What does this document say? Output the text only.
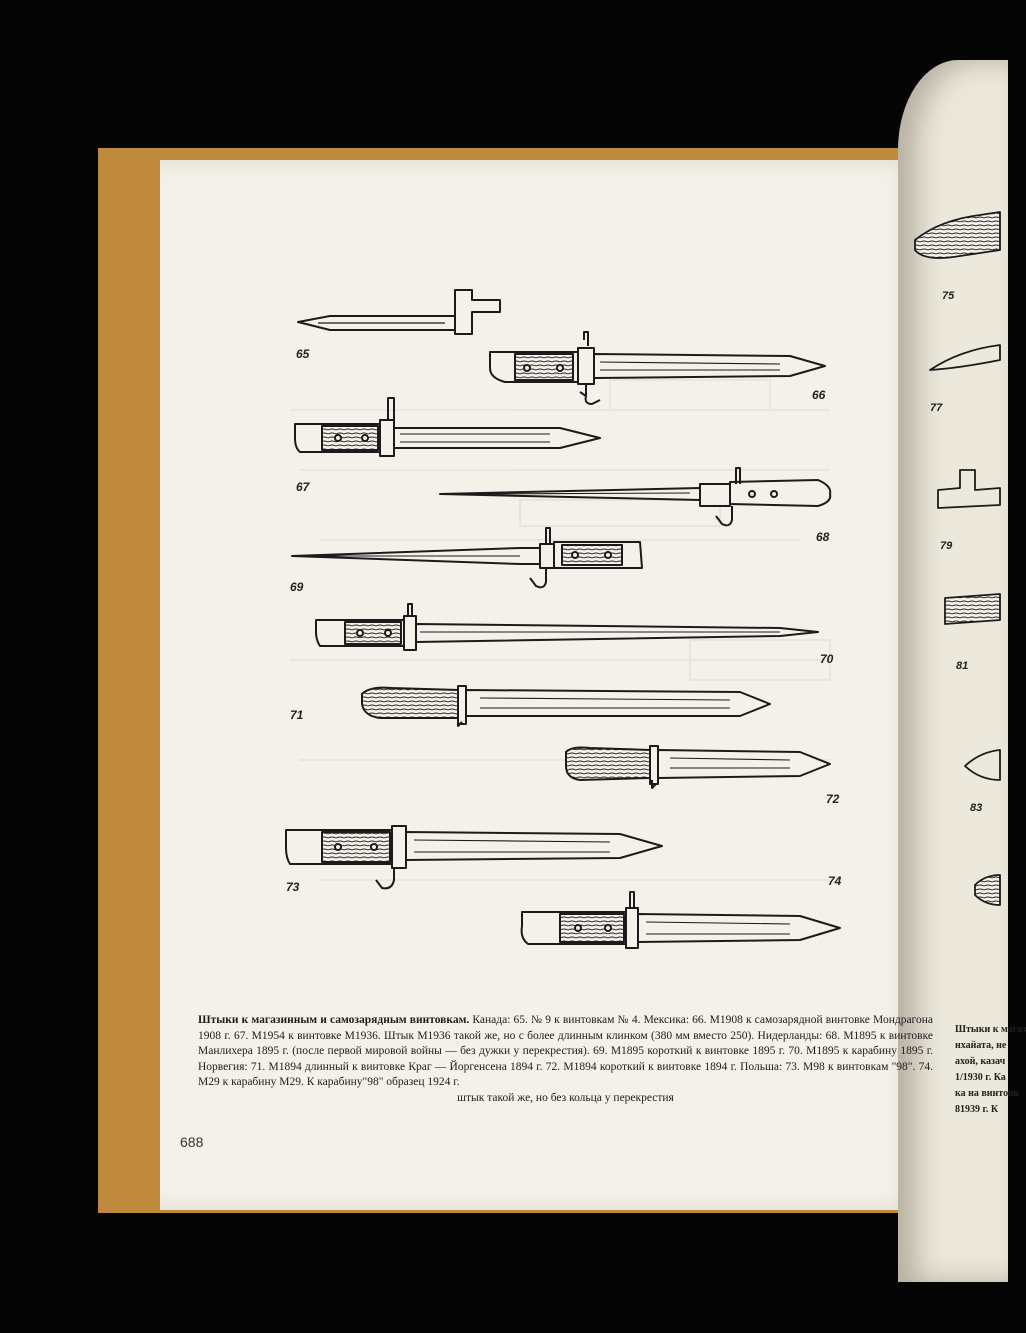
65
66
67
68
69
70
71
72
73	74
Штыки к магазинным и самозарядным винтовкам. Канада: 65. № 9 к винтовкам № 4. Мексика: 66. М1908 к самозарядной винтовке Мондрагона 1908 г. 67. М1954 к винтовке М1936. Штык М1936 такой же, но с более длинным клинком (380 мм вместо 250). Нидерланды: 68. М1895 к винтовке Манлихера 1895 г. (после первой мировой войны — без дужки у перекрестия). 69. М1895 короткий к винтовке 1895 г. 70. М1895 к карабину 1895 г. Норвегия: 71. М1894 длинный к винтовке Краг — Йоргенсена 1894 г. 72. М1894 короткий к винтовке 1894 г. Польша: 73. М98 к винтовкам "98". 74. М29 к карабину М29. К карабину"98" образец 1924 г.
штык такой же, но без кольца у перекрестия
688
75
77
79
81
83
Штыки к магаз
нхайата, не
ахой, казач
1/1930 г. Ка
ка на винтовк
81939 г. К
